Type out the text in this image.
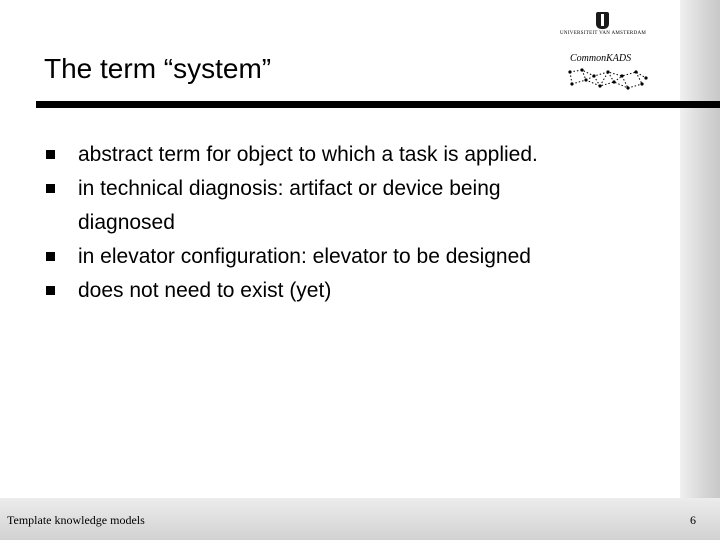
UNIVERSITEIT VAN AMSTERDAM
CommonKADS
The term “system”
abstract term for object to which a task is applied.
in technical diagnosis: artifact or device being
diagnosed
in elevator configuration: elevator to be designed
does not need to exist (yet)
Template knowledge models	6
